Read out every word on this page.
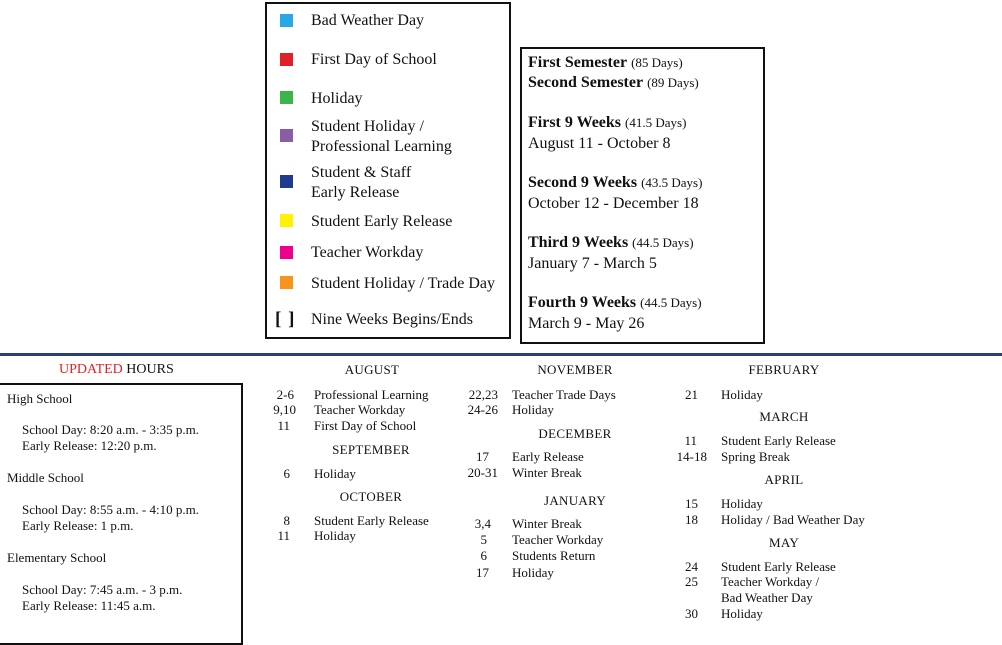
Bad Weather Day
First Day of School
Holiday
Student Holiday /
Professional Learning
Student & Staff
Early Release
Student Early Release
Teacher Workday
Student Holiday / Trade Day
[ ] Nine Weeks Begins/Ends
First Semester (85 Days)
Second Semester (89 Days)
First 9 Weeks (41.5 Days)
August 11 - October 8
Second 9 Weeks (43.5 Days)
October 12 - December 18
Third 9 Weeks (44.5 Days)
January 7 - March 5
Fourth 9 Weeks (44.5 Days)
March 9 - May 26
UPDATED HOURS
High School
School Day: 8:20 a.m. - 3:35 p.m.
Early Release: 12:20 p.m.
Middle School
School Day: 8:55 a.m. - 4:10 p.m.
Early Release: 1 p.m.
Elementary School
School Day: 7:45 a.m. - 3 p.m.
Early Release: 11:45 a.m.
AUGUST
2-6 Professional Learning
9,10 Teacher Workday
11 First Day of School
SEPTEMBER
6 Holiday
OCTOBER
8 Student Early Release
11 Holiday
NOVEMBER
22,23 Teacher Trade Days
24-26 Holiday
DECEMBER
17 Early Release
20-31 Winter Break
JANUARY
3,4 Winter Break
5 Teacher Workday
6 Students Return
17 Holiday
FEBRUARY
21 Holiday
MARCH
11 Student Early Release
14-18 Spring Break
APRIL
15 Holiday
18 Holiday / Bad Weather Day
MAY
24 Student Early Release
25 Teacher Workday /
Bad Weather Day
30 Holiday
